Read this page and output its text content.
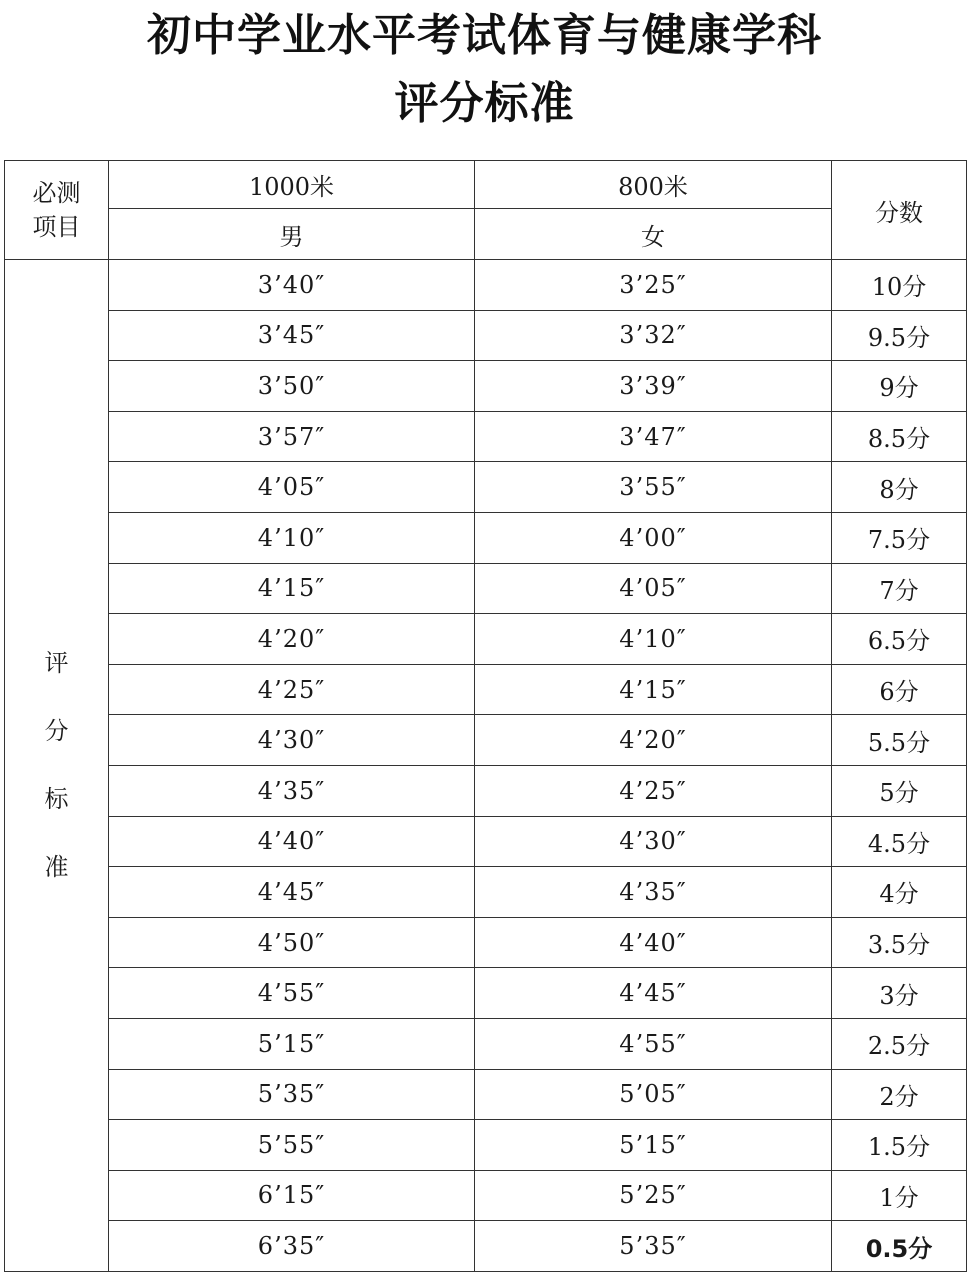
初中学业水平考试体育与健康学科
评分标准
必测
项目	1000米	800米	分数
	男	女	

评
分
标
准	3’40″	3’25″	10分
	3’45″	3’32″	9.5分
	3’50″	3’39″	9分
	3’57″	3’47″	8.5分
	4’05″	3’55″	8分
	4’10″	4’00″	7.5分
	4’15″	4’05″	7分
	4’20″	4’10″	6.5分
	4’25″	4’15″	6分
	4’30″	4’20″	5.5分
	4’35″	4’25″	5分
	4’40″	4’30″	4.5分
	4’45″	4’35″	4分
	4’50″	4’40″	3.5分
	4’55″	4’45″	3分
	5’15″	4’55″	2.5分
	5’35″	5’05″	2分
	5’55″	5’15″	1.5分
	6’15″	5’25″	1分
	6’35″	5’35″	0.5分
